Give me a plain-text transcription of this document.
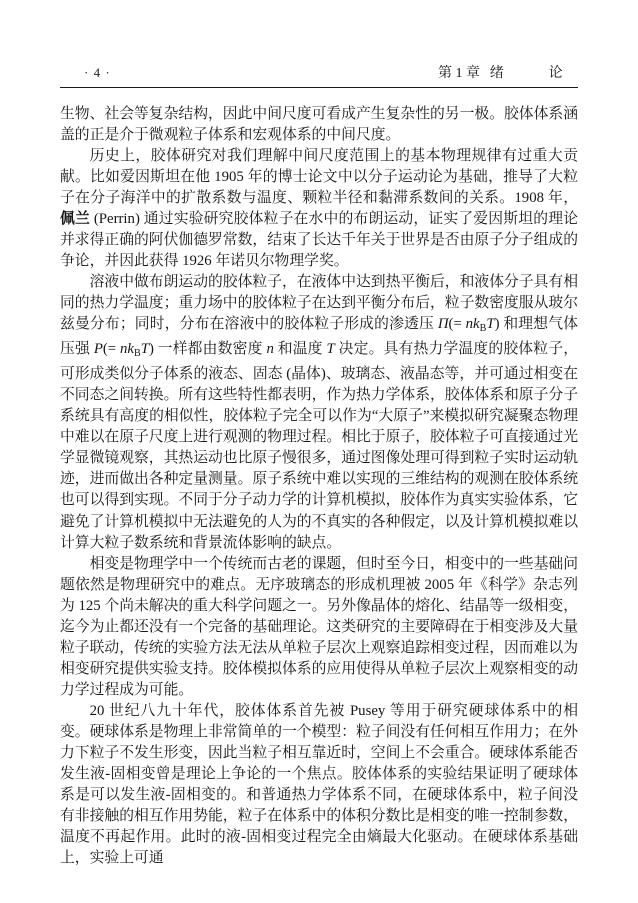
· 4 ·	第 1 章 绪　论

生物、社会等复杂结构，因此中间尺度可看成产生复杂性的另一极。胶体体系涵盖的正是介于微观粒子体系和宏观体系的中间尺度。

历史上，胶体研究对我们理解中间尺度范围上的基本物理规律有过重大贡献。比如爱因斯坦在他 1905 年的博士论文中以分子运动论为基础，推导了大粒子在分子海洋中的扩散系数与温度、颗粒半径和黏滞系数间的关系。1908 年，佩兰 (Perrin) 通过实验研究胶体粒子在水中的布朗运动，证实了爱因斯坦的理论并求得正确的阿伏伽德罗常数，结束了长达千年关于世界是否由原子分子组成的争论，并因此获得 1926 年诺贝尔物理学奖。

溶液中做布朗运动的胶体粒子，在液体中达到热平衡后，和液体分子具有相同的热力学温度；重力场中的胶体粒子在达到平衡分布后，粒子数密度服从玻尔兹曼分布；同时，分布在溶液中的胶体粒子形成的渗透压 Π(= nkBT) 和理想气体压强 P(= nkBT) 一样都由数密度 n 和温度 T 决定。具有热力学温度的胶体粒子，可形成类似分子体系的液态、固态 (晶体)、玻璃态、液晶态等，并可通过相变在不同态之间转换。所有这些特性都表明，作为热力学体系，胶体体系和原子分子系统具有高度的相似性，胶体粒子完全可以作为“大原子”来模拟研究凝聚态物理中难以在原子尺度上进行观测的物理过程。相比于原子，胶体粒子可直接通过光学显微镜观察，其热运动也比原子慢很多，通过图像处理可得到粒子实时运动轨迹，进而做出各种定量测量。原子系统中难以实现的三维结构的观测在胶体系统也可以得到实现。不同于分子动力学的计算机模拟，胶体作为真实实验体系，它避免了计算机模拟中无法避免的人为的不真实的各种假定，以及计算机模拟难以计算大粒子数系统和背景流体影响的缺点。

相变是物理学中一个传统而古老的课题，但时至今日，相变中的一些基础问题依然是物理研究中的难点。无序玻璃态的形成机理被 2005 年《科学》杂志列为 125 个尚未解决的重大科学问题之一。另外像晶体的熔化、结晶等一级相变，迄今为止都还没有一个完备的基础理论。这类研究的主要障碍在于相变涉及大量粒子联动，传统的实验方法无法从单粒子层次上观察追踪相变过程，因而难以为相变研究提供实验支持。胶体模拟体系的应用使得从单粒子层次上观察相变的动力学过程成为可能。

20 世纪八九十年代，胶体体系首先被 Pusey 等用于研究硬球体系中的相变。硬球体系是物理上非常简单的一个模型：粒子间没有任何相互作用力；在外力下粒子不发生形变，因此当粒子相互靠近时，空间上不会重合。硬球体系能否发生液-固相变曾是理论上争论的一个焦点。胶体体系的实验结果证明了硬球体系是可以发生液-固相变的。和普通热力学体系不同，在硬球体系中，粒子间没有非接触的相互作用势能，粒子在体系中的体积分数比是相变的唯一控制参数，温度不再起作用。此时的液-固相变过程完全由熵最大化驱动。在硬球体系基础上，实验上可通
